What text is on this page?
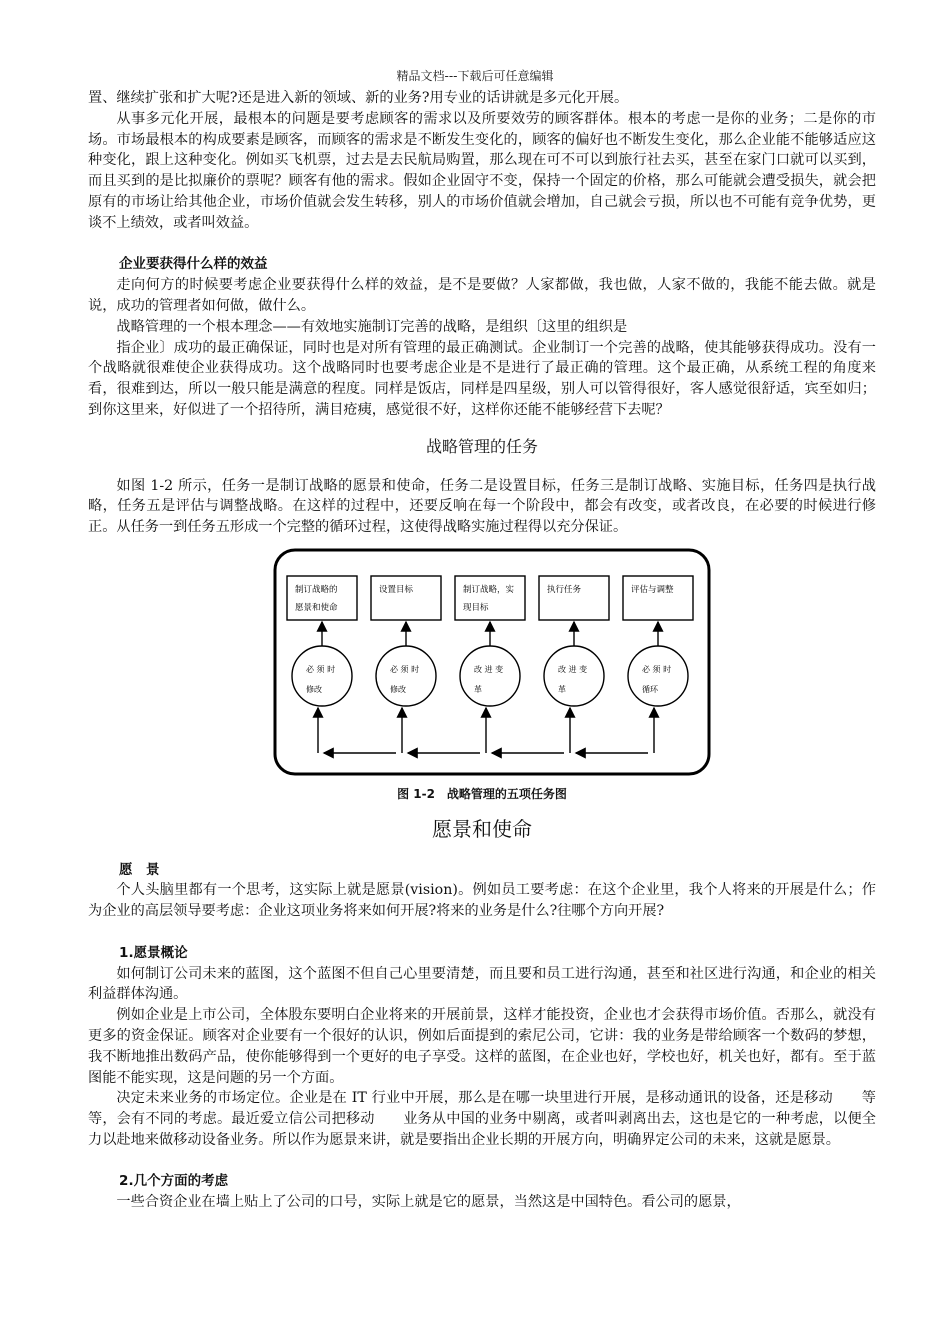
精品文档---下载后可任意编辑

置、继续扩张和扩大呢?还是进入新的领域、新的业务?用专业的话讲就是多元化开展。

从事多元化开展，最根本的问题是要考虑顾客的需求以及所要效劳的顾客群体。根本的考虑一是你的业务；二是你的市场。市场最根本的构成要素是顾客，而顾客的需求是不断发生变化的，顾客的偏好也不断发生变化，那么企业能不能够适应这种变化，跟上这种变化。例如买飞机票，过去是去民航局购置，那么现在可不可以到旅行社去买，甚至在家门口就可以买到，而且买到的是比拟廉价的票呢？顾客有他的需求。假如企业固守不变，保持一个固定的价格，那么可能就会遭受损失，就会把原有的市场让给其他企业，市场价值就会发生转移，别人的市场价值就会增加，自己就会亏损，所以也不可能有竞争优势，更谈不上绩效，或者叫效益。

企业要获得什么样的效益

走向何方的时候要考虑企业要获得什么样的效益，是不是要做？人家都做，我也做，人家不做的，我能不能去做。就是说，成功的管理者如何做，做什么。

战略管理的一个根本理念——有效地实施制订完善的战略，是组织〔这里的组织是

指企业〕成功的最正确保证，同时也是对所有管理的最正确测试。企业制订一个完善的战略，使其能够获得成功。没有一个战略就很难使企业获得成功。这个战略同时也要考虑企业是不是进行了最正确的管理。这个最正确，从系统工程的角度来看，很难到达，所以一般只能是满意的程度。同样是饭店，同样是四星级，别人可以管得很好，客人感觉很舒适，宾至如归；到你这里来，好似进了一个招待所，满目疮痍，感觉很不好，这样你还能不能够经营下去呢？

战略管理的任务

如图 1-2 所示，任务一是制订战略的愿景和使命，任务二是设置目标，任务三是制订战略、实施目标，任务四是执行战略，任务五是评估与调整战略。在这样的过程中，还要反响在每一个阶段中，都会有改变，或者改良，在必要的时候进行修正。从任务一到任务五形成一个完整的循环过程，这使得战略实施过程得以充分保证。

制订战略的
愿景和使命
必 须 时
修改
设置目标
必 须 时
修改
制订战略，实
现目标
改 进 变
革
执行任务
改 进 变
革
评估与调整
必 须 时
循环
图 1-2　战略管理的五项任务图
愿景和使命

愿　景

个人头脑里都有一个思考，这实际上就是愿景(vision)。例如员工要考虑：在这个企业里，我个人将来的开展是什么；作为企业的高层领导要考虑：企业这项业务将来如何开展?将来的业务是什么?往哪个方向开展?

1.愿景概论

如何制订公司未来的蓝图，这个蓝图不但自己心里要清楚，而且要和员工进行沟通，甚至和社区进行沟通，和企业的相关利益群体沟通。

例如企业是上市公司，全体股东要明白企业将来的开展前景，这样才能投资，企业也才会获得市场价值。否那么，就没有更多的资金保证。顾客对企业要有一个很好的认识，例如后面提到的索尼公司，它讲：我的业务是带给顾客一个数码的梦想，我不断地推出数码产品，使你能够得到一个更好的电子享受。这样的蓝图，在企业也好，学校也好，机关也好，都有。至于蓝图能不能实现，这是问题的另一个方面。

决定未来业务的市场定位。企业是在 IT 行业中开展，那么是在哪一块里进行开展，是移动通讯的设备，还是移动　　等等，会有不同的考虑。最近爱立信公司把移动　　业务从中国的业务中剔离，或者叫剥离出去，这也是它的一种考虑，以便全力以赴地来做移动设备业务。所以作为愿景来讲，就是要指出企业长期的开展方向，明确界定公司的未来，这就是愿景。

2.几个方面的考虑

一些合资企业在墙上贴上了公司的口号，实际上就是它的愿景，当然这是中国特色。看公司的愿景，
